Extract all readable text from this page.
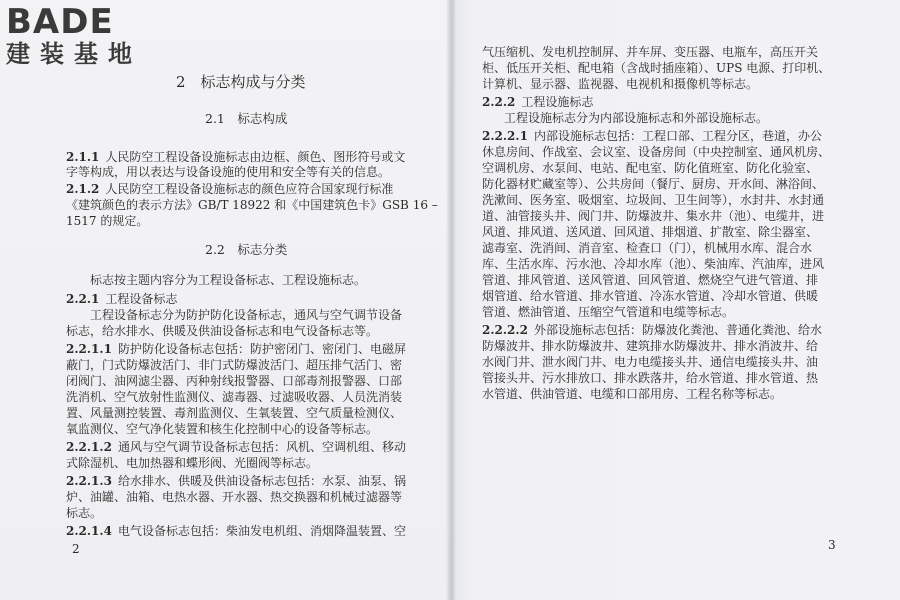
BADE
建装基地
2　标志构成与分类
2.1　标志构成
2.1.1 人民防空工程设备设施标志由边框、颜色、图形符号或文
字等构成，用以表达与设备设施的使用和安全等有关的信息。
2.1.2 人民防空工程设备设施标志的颜色应符合国家现行标准
《建筑颜色的表示方法》GB/T 18922 和《中国建筑色卡》GSB 16 –
1517 的规定。
2.2　标志分类
标志按主题内容分为工程设备标志、工程设施标志。
2.2.1 工程设备标志
工程设备标志分为防护防化设备标志，通风与空气调节设备
标志，给水排水、供暖及供油设备标志和电气设备标志等。
2.2.1.1 防护防化设备标志包括：防护密闭门、密闭门、电磁屏
蔽门，门式防爆波活门、非门式防爆波活门、超压排气活门、密
闭阀门、油网滤尘器、丙种射线报警器、口部毒剂报警器、口部
洗消机、空气放射性监测仪、滤毒器、过滤吸收器、人员洗消装
置、风量测控装置、毒剂监测仪、生氧装置、空气质量检测仪、
氧监测仪、空气净化装置和核生化控制中心的设备等标志。
2.2.1.2 通风与空气调节设备标志包括：风机、空调机组、移动
式除湿机、电加热器和蝶形阀、光圈阀等标志。
2.2.1.3 给水排水、供暖及供油设备标志包括：水泵、油泵、锅
炉、油罐、油箱、电热水器、开水器、热交换器和机械过滤器等
标志。
2.2.1.4 电气设备标志包括：柴油发电机组、消烟降温装置、空
2
气压缩机、发电机控制屏、并车屏、变压器、电瓶车，高压开关
柜、低压开关柜、配电箱（含战时插座箱）、UPS 电源、打印机、
计算机、显示器、监视器、电视机和摄像机等标志。
2.2.2 工程设施标志
工程设施标志分为内部设施标志和外部设施标志。
2.2.2.1 内部设施标志包括：工程口部、工程分区，巷道，办公
休息房间、作战室、会议室、设备房间（中央控制室、通风机房、
空调机房、水泵间、电站、配电室、防化值班室、防化化验室、
防化器材贮藏室等）、公共房间（餐厅、厨房、开水间、淋浴间、
洗漱间、医务室、吸烟室、垃圾间、卫生间等），水封井、水封通
道、油管接头井、阀门井、防爆波井、集水井（池）、电缆井，进
风道、排风道、送风道、回风道、排烟道、扩散室、除尘器室、
滤毒室、洗消间、消音室、检查口（门），机械用水库、混合水
库、生活水库、污水池、冷却水库（池）、柴油库、汽油库，进风
管道、排风管道、送风管道、回风管道、燃烧空气进气管道、排
烟管道、给水管道、排水管道、冷冻水管道、冷却水管道、供暖
管道、燃油管道、压缩空气管道和电缆等标志。
2.2.2.2 外部设施标志包括：防爆波化粪池、普通化粪池、给水
防爆波井、排水防爆波井、建筑排水防爆波井、排水消波井、给
水阀门井、泄水阀门井、电力电缆接头井、通信电缆接头井、油
管接头井、污水排放口、排水跌落井，给水管道、排水管道、热
水管道、供油管道、电缆和口部用房、工程名称等标志。
3
